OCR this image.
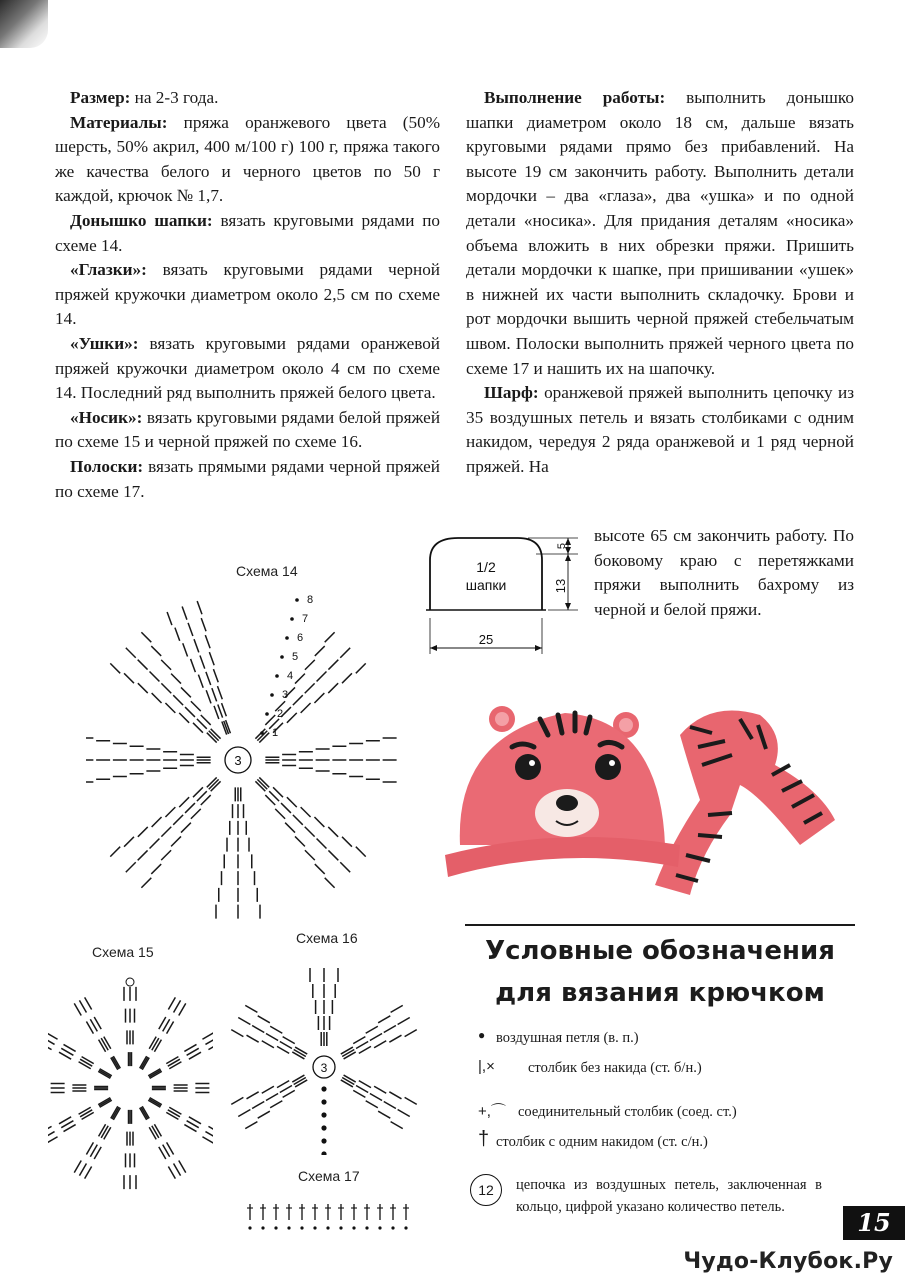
Размер: на 2-3 года.

Материалы: пряжа оранжевого цвета (50% шерсть, 50% акрил, 400 м/100 г) 100 г, пряжа такого же качества белого и черного цветов по 50 г каждой, крючок № 1,7.

Донышко шапки: вязать круговыми рядами по схеме 14.

«Глазки»: вязать круговыми рядами черной пряжей кружочки диаметром около 2,5 см по схеме 14.

«Ушки»: вязать круговыми рядами оранжевой пряжей кружочки диаметром около 4 см по схеме 14. Последний ряд выполнить пряжей белого цвета.

«Носик»: вязать круговыми рядами белой пряжей по схеме 15 и черной пряжей по схеме 16.

Полоски: вязать прямыми рядами черной пряжей по схеме 17.

Выполнение работы: выполнить донышко шапки диаметром около 18 см, дальше вязать круговыми рядами прямо без прибавлений. На высоте 19 см закончить работу. Выполнить детали мордочки – два «глаза», два «ушка» и по одной детали «носика». Для придания деталям «носика» объема вложить в них обрезки пряжи. Пришить детали мордочки к шапке, при пришивании «ушек» в нижней их части выполнить складочку. Брови и рот мордочки вышить черной пряжей стебельчатым швом. Полоски выполнить пряжей черного цвета по схеме 17 и нашить их на шапочку.

Шарф: оранжевой пряжей выполнить цепочку из 35 воздушных петель и вязать столбиками с одним накидом, чередуя 2 ряда оранжевой и 1 ряд черной пряжей. На

высоте 65 см закончить работу. По боковому краю с перетяжками пряжи выполнить бахрому из черной и белой пряжи.

1/2
шапки
25
13
5
Схема 14
3
1
2
3
4
5
6
7
8
Схема 15
Схема 16
3
Схема 17
Условные обозначения
для вязания крючком
● воздушная петля (в. п.)
|,× столбик без накида (ст. б/н.)
+,⌒ соединительный столбик (соед. ст.)
† столбик с одним накидом (ст. с/н.)
12	цепочка из воздушных петель, заключенная в кольцо, цифрой указано количество петель.
15
Чудо-Клубок.Ру
